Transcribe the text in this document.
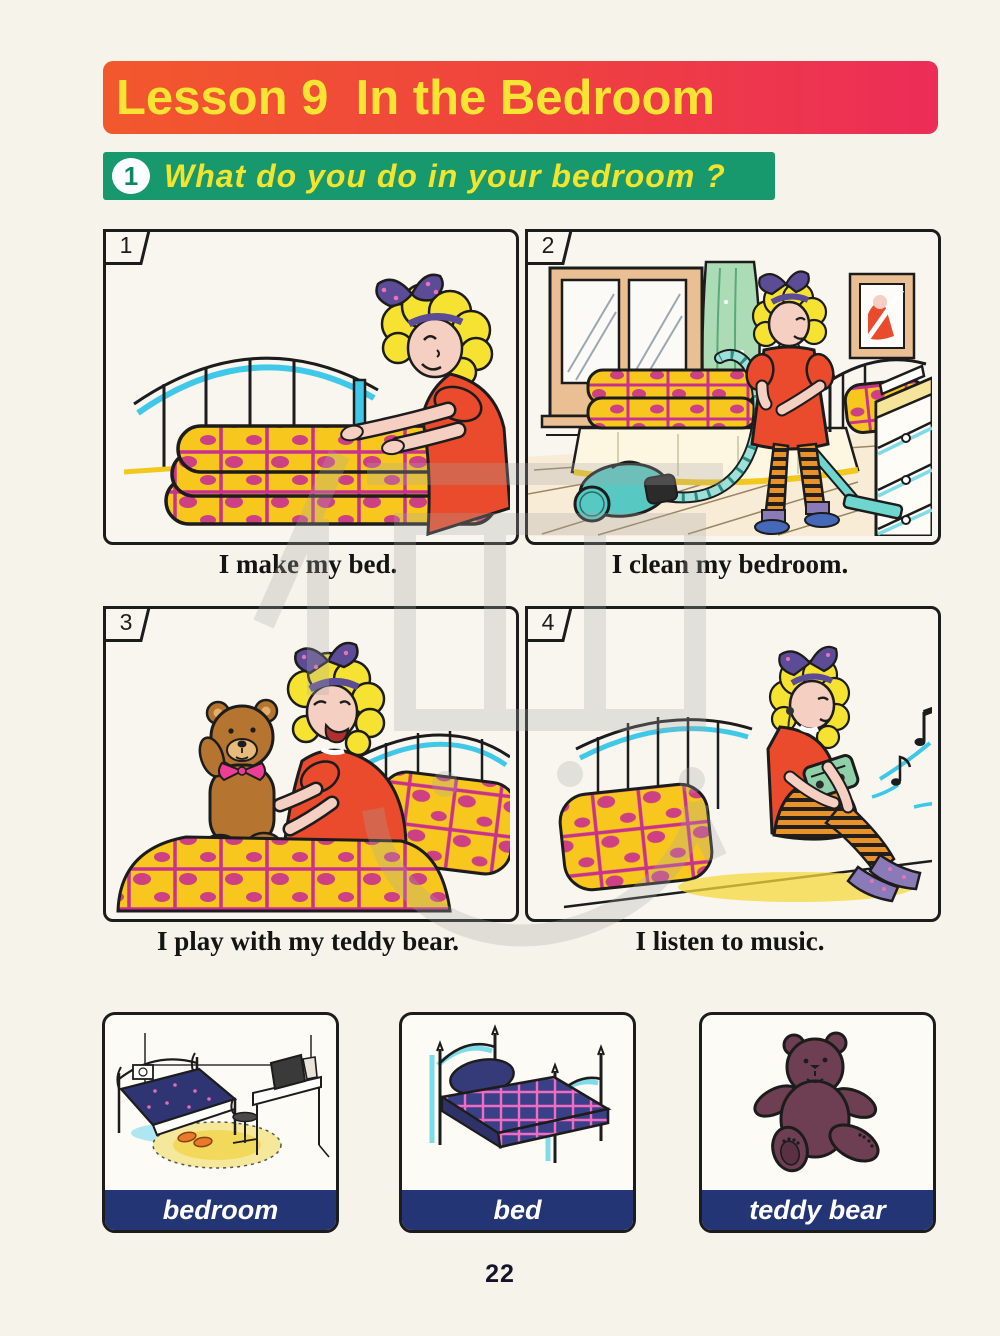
Lesson 9  In the Bedroom
1 What do you do in your bedroom ?
1
I make my bed.
2
I clean my bedroom.
3
I play with my teddy bear.
4
I listen to music.
bedroom	bed	teddy bear
22
